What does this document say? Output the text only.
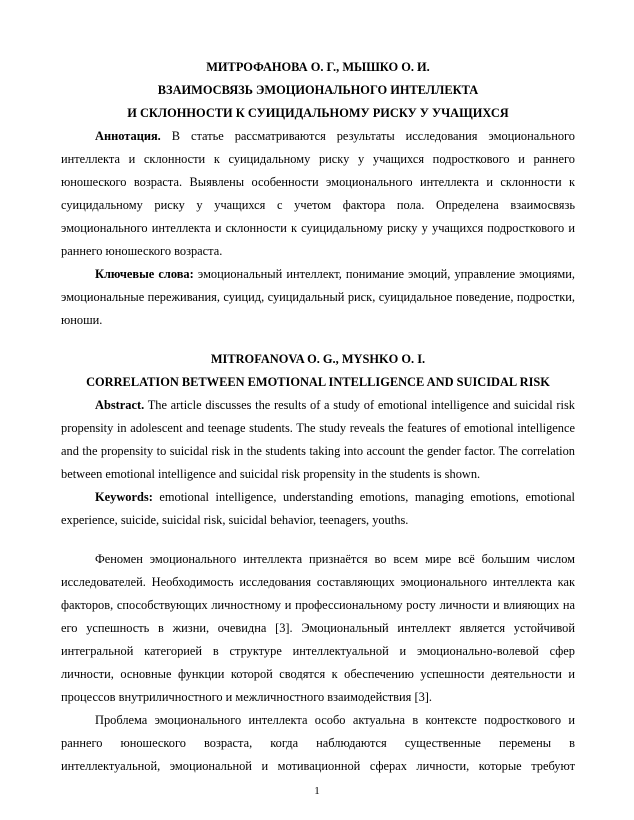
МИТРОФАНОВА О. Г., МЫШКО О. И.
ВЗАИМОСВЯЗЬ ЭМОЦИОНАЛЬНОГО ИНТЕЛЛЕКТА
И СКЛОННОСТИ К СУИЦИДАЛЬНОМУ РИСКУ У УЧАЩИХСЯ
Аннотация. В статье рассматриваются результаты исследования эмоционального
интеллекта и склонности к суицидальному риску у учащихся подросткового и раннего
юношеского возраста. Выявлены особенности эмоционального интеллекта и склонности к
суицидальному риску у учащихся с учетом фактора пола. Определена взаимосвязь
эмоционального интеллекта и склонности к суицидальному риску у учащихся подросткового и
раннего юношеского возраста.
Ключевые слова: эмоциональный интеллект, понимание эмоций, управление эмоциями,
эмоциональные переживания, суицид, суицидальный риск, суицидальное поведение, подростки,
юноши.
MITROFANOVA O. G., MYSHKO O. I.
CORRELATION BETWEEN EMOTIONAL INTELLIGENCE AND SUICIDAL RISK
Abstract. The article discusses the results of a study of emotional intelligence and suicidal risk
propensity in adolescent and teenage students. The study reveals the features of emotional intelligence
and the propensity to suicidal risk in the students taking into account the gender factor. The correlation
between emotional intelligence and suicidal risk propensity in the students is shown.
Keywords: emotional intelligence, understanding emotions, managing emotions, emotional
experience, suicide, suicidal risk, suicidal behavior, teenagers, youths.
Феномен эмоционального интеллекта признаётся во всем мире всё большим числом
исследователей. Необходимость исследования составляющих эмоционального интеллекта как
факторов, способствующих личностному и профессиональному росту личности и влияющих на
его успешность в жизни, очевидна [3]. Эмоциональный интеллект является устойчивой
интегральной категорией в структуре интеллектуальной и эмоционально-волевой сфер
личности, основные функции которой сводятся к обеспечению успешности деятельности и
процессов внутриличностного и межличностного взаимодействия [3].
Проблема эмоционального интеллекта особо актуальна в контексте подросткового и
раннего юношеского возраста, когда наблюдаются существенные перемены в
интеллектуальной, эмоциональной и мотивационной сферах личности, которые требуют
1
